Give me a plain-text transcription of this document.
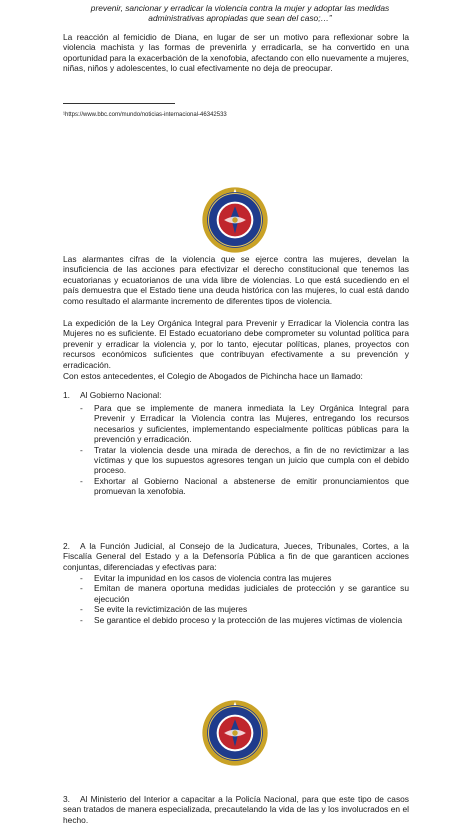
prevenir, sancionar y erradicar la violencia contra la mujer y adoptar las medidas
administrativas apropiadas que sean del caso;…”

La reacción al femicidio de Diana, en lugar de ser un motivo para reflexionar sobre la violencia machista y las formas de prevenirla y erradicarla, se ha convertido en una oportunidad para la exacerbación de la xenofobia, afectando con ello nuevamente a mujeres, niñas, niños y adolescentes, lo cual efectivamente no deja de preocupar.

¹https://www.bbc.com/mundo/noticias-internacional-46342533

Las alarmantes cifras de la violencia que se ejerce contra las mujeres, develan la insuficiencia de las acciones para efectivizar el derecho constitucional que tenemos las ecuatorianas y ecuatorianos de una vida libre de violencias. Lo que está sucediendo en el país demuestra que el Estado tiene una deuda histórica con las mujeres, lo cual está dando como resultado el alarmante incremento de diferentes tipos de violencia.

La expedición de la Ley Orgánica Integral para Prevenir y Erradicar la Violencia contra las Mujeres no es suficiente. El Estado ecuatoriano debe comprometer su voluntad política para prevenir y erradicar la violencia y, por lo tanto, ejecutar políticas, planes, proyectos con recursos económicos suficientes que contribuyan efectivamente a su prevención y erradicación.

Con estos antecedentes, el Colegio de Abogados de Pichincha hace un llamado:

1. Al Gobierno Nacional:

- Para que se implemente de manera inmediata la Ley Orgánica Integral para Prevenir y Erradicar la Violencia contra las Mujeres, entregando los recursos necesarios y suficientes, implementando especialmente políticas públicas para la prevención y erradicación.
- Tratar la violencia desde una mirada de derechos, a fin de no revictimizar a las víctimas y que los supuestos agresores tengan un juicio que cumpla con el debido proceso.
- Exhortar al Gobierno Nacional a abstenerse de emitir pronunciamientos que promuevan la xenofobia.

2. A la Función Judicial, al Consejo de la Judicatura, Jueces, Tribunales, Cortes, a la Fiscalía General del Estado y a la Defensoría Pública a fin de que garanticen acciones conjuntas, diferenciadas y efectivas para:

- Evitar la impunidad en los casos de violencia contra las mujeres
- Emitan de manera oportuna medidas judiciales de protección y se garantice su ejecución
- Se evite la revictimización de las mujeres
- Se garantice el debido proceso y la protección de las mujeres víctimas de violencia

3. Al Ministerio del Interior a capacitar a la Policía Nacional, para que este tipo de casos sean tratados de manera especializada, precautelando la vida de las y los involucrados en el hecho.
